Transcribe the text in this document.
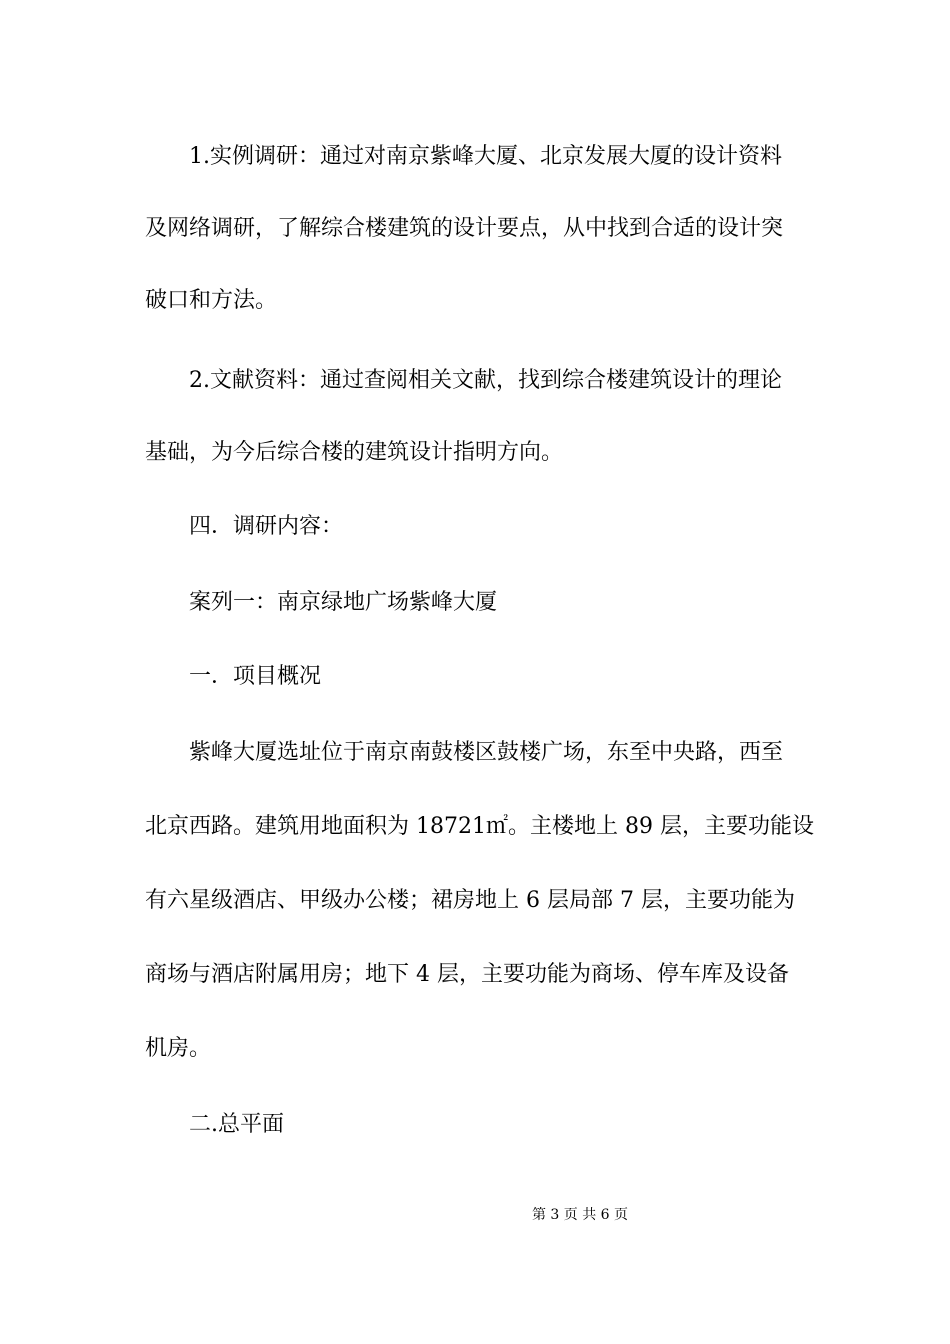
1.实例调研：通过对南京紫峰大厦、北京发展大厦的设计资料
及网络调研，了解综合楼建筑的设计要点，从中找到合适的设计突
破口和方法。
2.文献资料：通过查阅相关文献，找到综合楼建筑设计的理论
基础，为今后综合楼的建筑设计指明方向。
四．调研内容：
案列一：南京绿地广场紫峰大厦
一．项目概况
紫峰大厦选址位于南京南鼓楼区鼓楼广场，东至中央路，西至
北京西路。建筑用地面积为 18721㎡。主楼地上 89 层，主要功能设
有六星级酒店、甲级办公楼；裙房地上 6 层局部 7 层，主要功能为
商场与酒店附属用房；地下 4 层，主要功能为商场、停车库及设备
机房。
二.总平面
第 3 页 共 6 页
